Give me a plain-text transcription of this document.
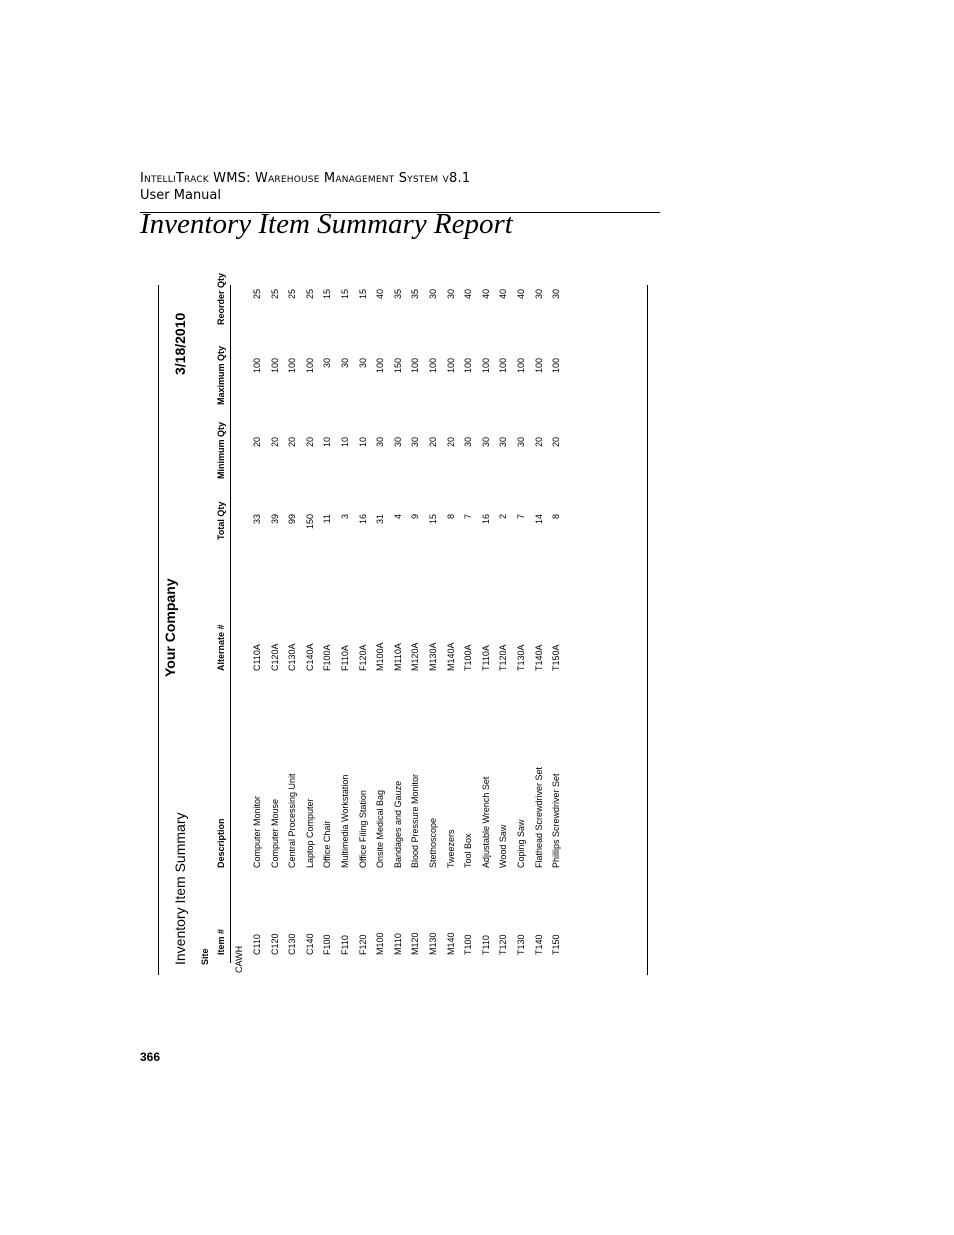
IntelliTrack WMS: Warehouse Management System v8.1
User Manual
Inventory Item Summary Report
Inventory Item Summary
Your Company
3/18/2010
Site
Item #
Description
Alternate #
Total Qty
Minimum Qty
Maximum Qty
Reorder Qty
CAWH
C110
Computer Monitor
C110A
33
20
100
25
C120
Computer Mouse
C120A
39
20
100
25
C130
Central Processing Unit
C130A
99
20
100
25
C140
Laptop Computer
C140A
150
20
100
25
F100
Office Chair
F100A
11
10
30
15
F110
Multimedia Workstation
F110A
3
10
30
15
F120
Office Filing Station
F120A
16
10
30
15
M100
Onsite Medical Bag
M100A
31
30
100
40
M110
Bandages and Gauze
M110A
4
30
150
35
M120
Blood Pressure Monitor
M120A
9
30
100
35
M130
Stethoscope
M130A
15
20
100
30
M140
Tweezers
M140A
8
20
100
30
T100
Tool Box
T100A
7
30
100
40
T110
Adjustable Wrench Set
T110A
16
30
100
40
T120
Wood Saw
T120A
2
30
100
40
T130
Coping Saw
T130A
7
30
100
40
T140
Flathead Screwdriver Set
T140A
14
20
100
30
T150
Phillips Screwdriver Set
T150A
8
20
100
30
366
